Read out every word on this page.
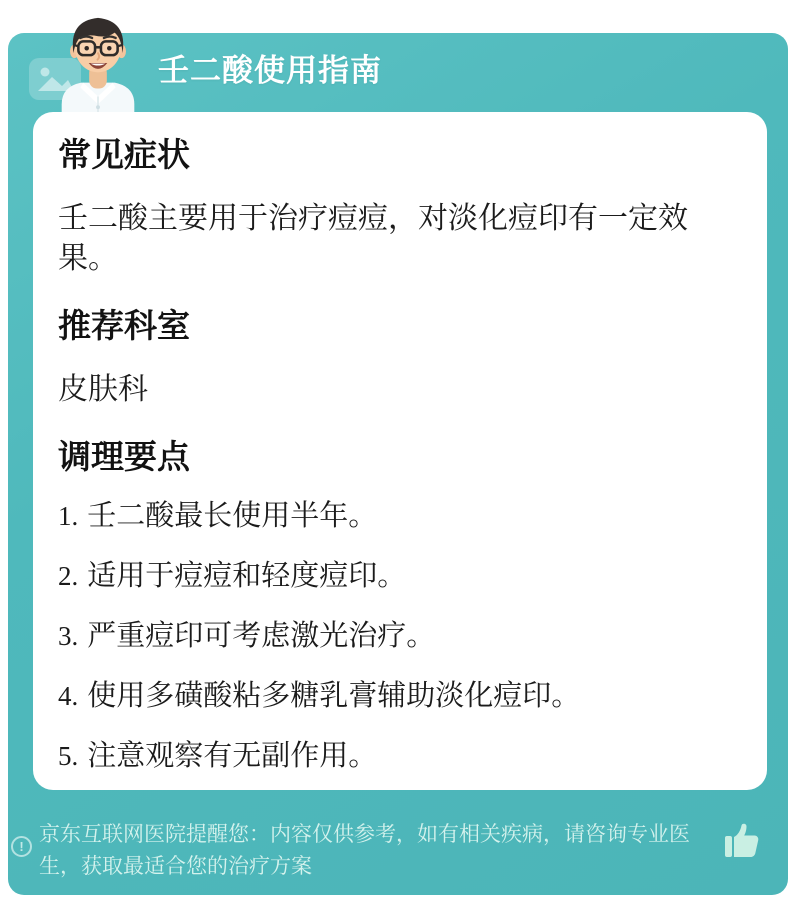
壬二酸使用指南
常见症状

壬二酸主要用于治疗痘痘，对淡化痘印有一定效果。

推荐科室

皮肤科

调理要点
1. 壬二酸最长使用半年。
2. 适用于痘痘和轻度痘印。
3. 严重痘印可考虑激光治疗。
4. 使用多磺酸粘多糖乳膏辅助淡化痘印。
5. 注意观察有无副作用。
!

京东互联网医院提醒您：内容仅供参考，如有相关疾病，请咨询专业医生，获取最适合您的治疗方案
